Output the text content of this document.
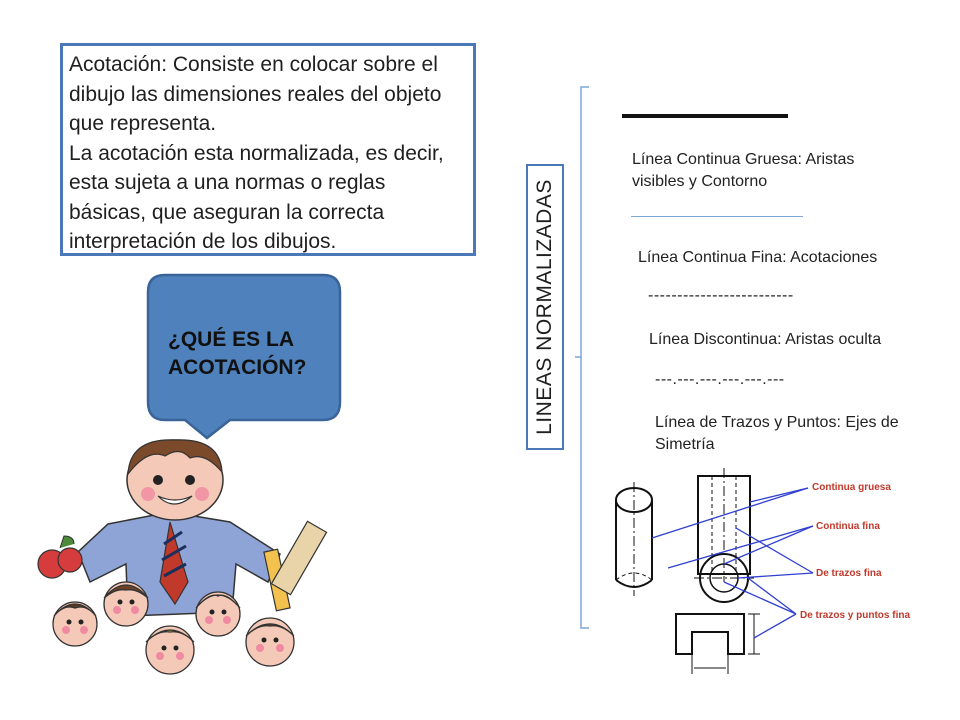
Acotación: Consiste en colocar sobre el dibujo las dimensiones reales del objeto que representa.

La acotación esta normalizada, es decir, esta sujeta a una normas o reglas básicas, que aseguran la correcta interpretación de los dibujos.

¿QUÉ ES LA
ACOTACIÓN?	LINEAS NORMALIZADAS
Línea Continua Gruesa: Aristas visibles y Contorno
Línea Continua Fina: Acotaciones
-------------------------
Línea Discontinua: Aristas oculta
---.---.---.---.---.---
Línea de Trazos y Puntos: Ejes de Simetría
Continua gruesa
Continua fina
De trazos fina
De trazos y puntos fina
